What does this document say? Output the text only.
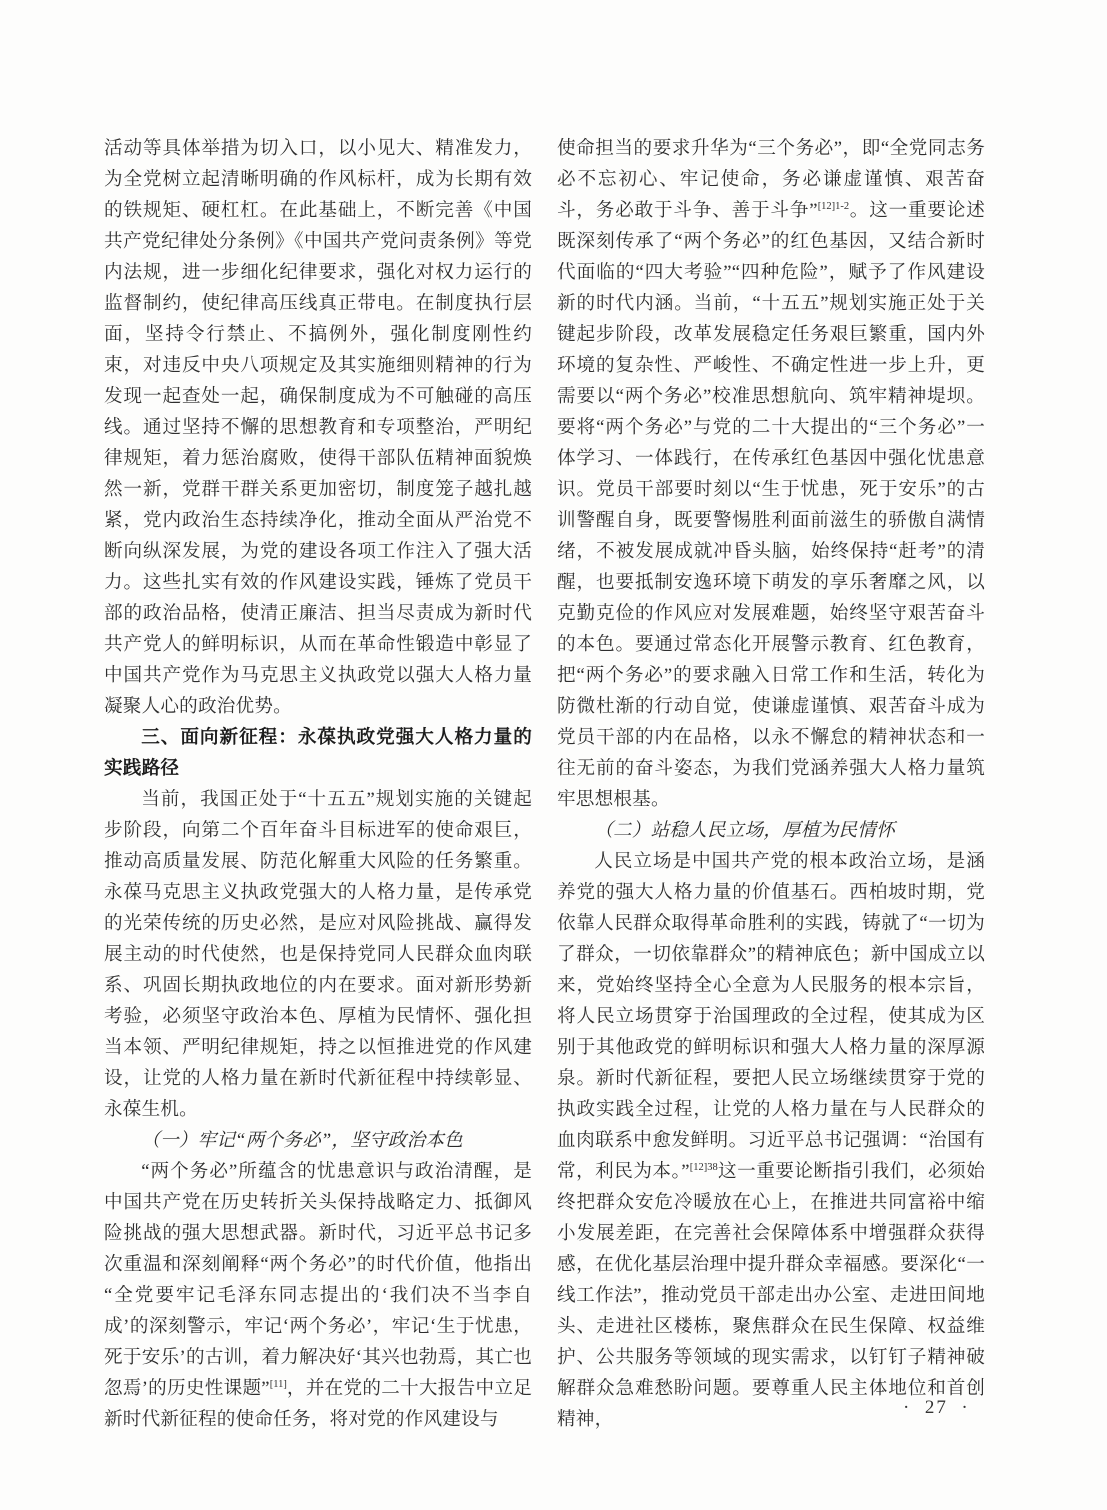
活动等具体举措为切入口，以小见大、精准发力，为全党树立起清晰明确的作风标杆，成为长期有效的铁规矩、硬杠杠。在此基础上，不断完善《中国共产党纪律处分条例》《中国共产党问责条例》等党内法规，进一步细化纪律要求，强化对权力运行的监督制约，使纪律高压线真正带电。在制度执行层面，坚持令行禁止、不搞例外，强化制度刚性约束，对违反中央八项规定及其实施细则精神的行为发现一起查处一起，确保制度成为不可触碰的高压线。通过坚持不懈的思想教育和专项整治，严明纪律规矩，着力惩治腐败，使得干部队伍精神面貌焕然一新，党群干群关系更加密切，制度笼子越扎越紧，党内政治生态持续净化，推动全面从严治党不断向纵深发展，为党的建设各项工作注入了强大活力。这些扎实有效的作风建设实践，锤炼了党员干部的政治品格，使清正廉洁、担当尽责成为新时代共产党人的鲜明标识，从而在革命性锻造中彰显了中国共产党作为马克思主义执政党以强大人格力量凝聚人心的政治优势。

三、面向新征程：永葆执政党强大人格力量的实践路径

当前，我国正处于“十五五”规划实施的关键起步阶段，向第二个百年奋斗目标进军的使命艰巨，推动高质量发展、防范化解重大风险的任务繁重。永葆马克思主义执政党强大的人格力量，是传承党的光荣传统的历史必然，是应对风险挑战、赢得发展主动的时代使然，也是保持党同人民群众血肉联系、巩固长期执政地位的内在要求。面对新形势新考验，必须坚守政治本色、厚植为民情怀、强化担当本领、严明纪律规矩，持之以恒推进党的作风建设，让党的人格力量在新时代新征程中持续彰显、永葆生机。

（一）牢记“两个务必”，坚守政治本色

“两个务必”所蕴含的忧患意识与政治清醒，是中国共产党在历史转折关头保持战略定力、抵御风险挑战的强大思想武器。新时代，习近平总书记多次重温和深刻阐释“两个务必”的时代价值，他指出“全党要牢记毛泽东同志提出的‘我们决不当李自成’的深刻警示，牢记‘两个务必’，牢记‘生于忧患，死于安乐’的古训，着力解决好‘其兴也勃焉，其亡也忽焉’的历史性课题”[11]，并在党的二十大报告中立足新时代新征程的使命任务，将对党的作风建设与

使命担当的要求升华为“三个务必”，即“全党同志务必不忘初心、牢记使命，务必谦虚谨慎、艰苦奋斗，务必敢于斗争、善于斗争”$^{[12]1-2}$。这一重要论述既深刻传承了“两个务必”的红色基因，又结合新时代面临的“四大考验”“四种危险”，赋予了作风建设新的时代内涵。当前，“十五五”规划实施正处于关键起步阶段，改革发展稳定任务艰巨繁重，国内外环境的复杂性、严峻性、不确定性进一步上升，更需要以“两个务必”校准思想航向、筑牢精神堤坝。要将“两个务必”与党的二十大提出的“三个务必”一体学习、一体践行，在传承红色基因中强化忧患意识。党员干部要时刻以“生于忧患，死于安乐”的古训警醒自身，既要警惕胜利面前滋生的骄傲自满情绪，不被发展成就冲昏头脑，始终保持“赶考”的清醒，也要抵制安逸环境下萌发的享乐奢靡之风，以克勤克俭的作风应对发展难题，始终坚守艰苦奋斗的本色。要通过常态化开展警示教育、红色教育，把“两个务必”的要求融入日常工作和生活，转化为防微杜渐的行动自觉，使谦虚谨慎、艰苦奋斗成为党员干部的内在品格，以永不懈怠的精神状态和一往无前的奋斗姿态，为我们党涵养强大人格力量筑牢思想根基。

（二）站稳人民立场，厚植为民情怀

人民立场是中国共产党的根本政治立场，是涵养党的强大人格力量的价值基石。西柏坡时期，党依靠人民群众取得革命胜利的实践，铸就了“一切为了群众，一切依靠群众”的精神底色；新中国成立以来，党始终坚持全心全意为人民服务的根本宗旨，将人民立场贯穿于治国理政的全过程，使其成为区别于其他政党的鲜明标识和强大人格力量的深厚源泉。新时代新征程，要把人民立场继续贯穿于党的执政实践全过程，让党的人格力量在与人民群众的血肉联系中愈发鲜明。习近平总书记强调：“治国有常，利民为本。”$^{[12]38}$这一重要论断指引我们，必须始终把群众安危冷暖放在心上，在推进共同富裕中缩小发展差距，在完善社会保障体系中增强群众获得感，在优化基层治理中提升群众幸福感。要深化“一线工作法”，推动党员干部走出办公室、走进田间地头、走进社区楼栋，聚焦群众在民生保障、权益维护、公共服务等领域的现实需求，以钉钉子精神破解群众急难愁盼问题。要尊重人民主体地位和首创精神，

·  27  ·
